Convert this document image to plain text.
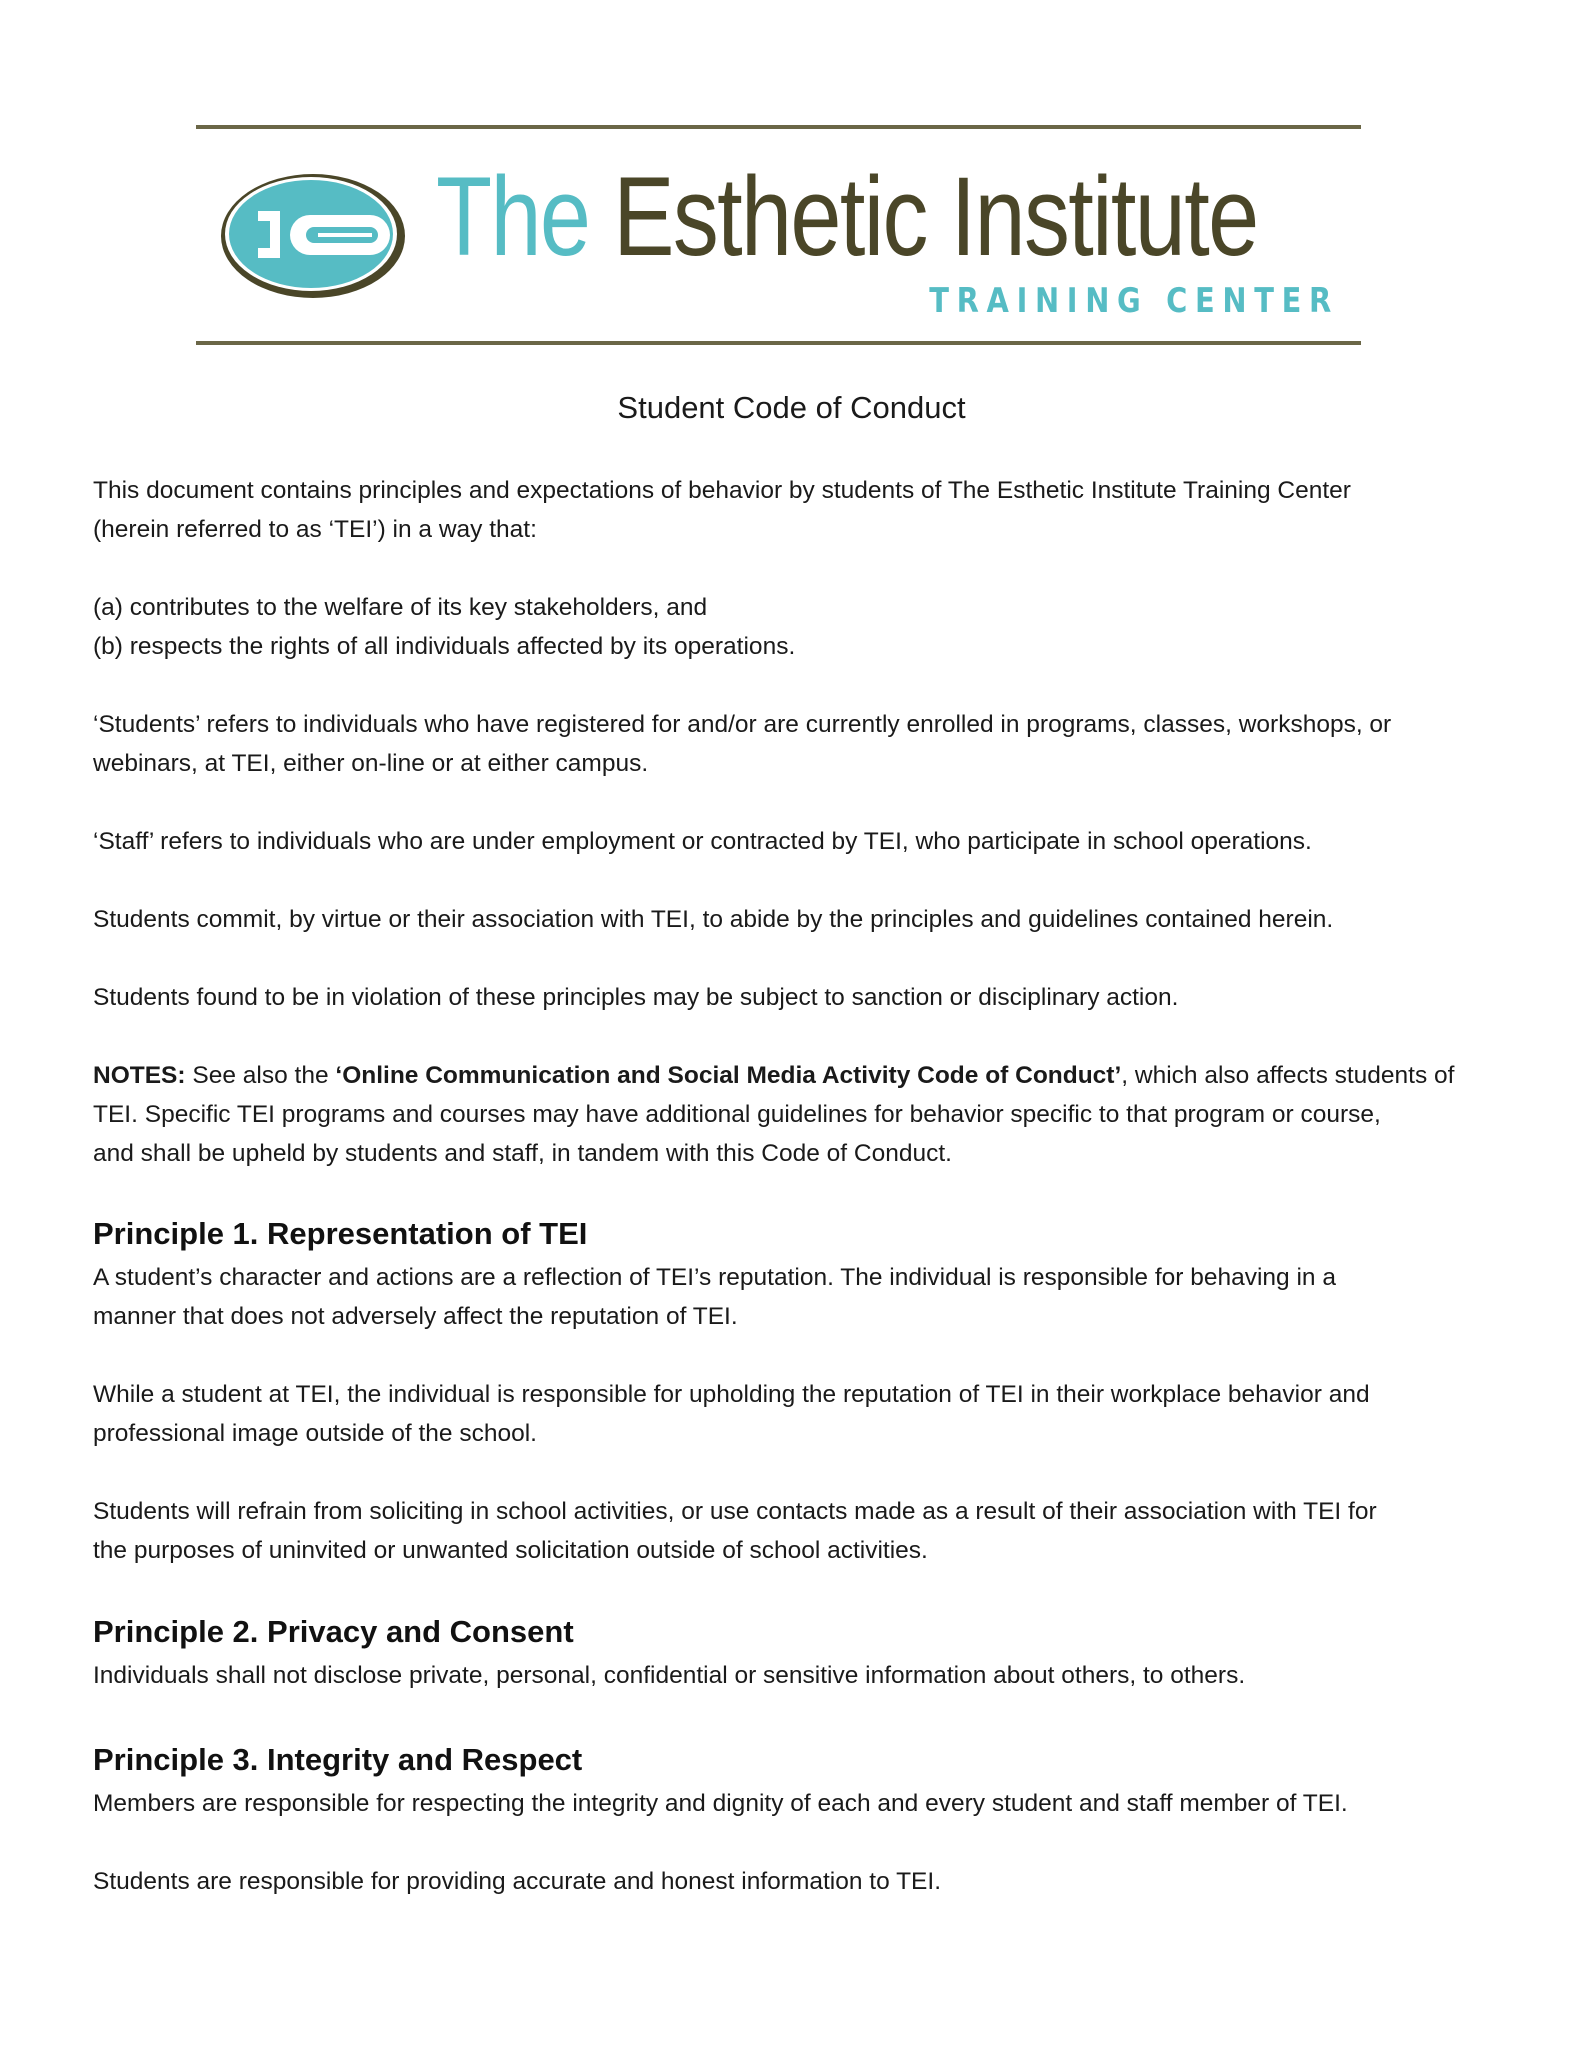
The Esthetic Institute
TRAINING CENTER
Student Code of Conduct

This document contains principles and expectations of behavior by students of The Esthetic Institute Training Center

(herein referred to as ‘TEI’) in a way that:

(a) contributes to the welfare of its key stakeholders, and

(b) respects the rights of all individuals affected by its operations.

‘Students’ refers to individuals who have registered for and/or are currently enrolled in programs, classes, workshops, or

webinars, at TEI, either on-line or at either campus.

‘Staff’ refers to individuals who are under employment or contracted by TEI, who participate in school operations.

Students commit, by virtue or their association with TEI, to abide by the principles and guidelines contained herein.

Students found to be in violation of these principles may be subject to sanction or disciplinary action.

NOTES: See also the ‘Online Communication and Social Media Activity Code of Conduct’, which also affects students of

TEI. Specific TEI programs and courses may have additional guidelines for behavior specific to that program or course,

and shall be upheld by students and staff, in tandem with this Code of Conduct.

Principle 1. Representation of TEI

A student’s character and actions are a reflection of TEI’s reputation. The individual is responsible for behaving in a

manner that does not adversely affect the reputation of TEI.

While a student at TEI, the individual is responsible for upholding the reputation of TEI in their workplace behavior and

professional image outside of the school.

Students will refrain from soliciting in school activities, or use contacts made as a result of their association with TEI for

the purposes of uninvited or unwanted solicitation outside of school activities.

Principle 2. Privacy and Consent

Individuals shall not disclose private, personal, confidential or sensitive information about others, to others.

Principle 3. Integrity and Respect

Members are responsible for respecting the integrity and dignity of each and every student and staff member of TEI.

Students are responsible for providing accurate and honest information to TEI.
